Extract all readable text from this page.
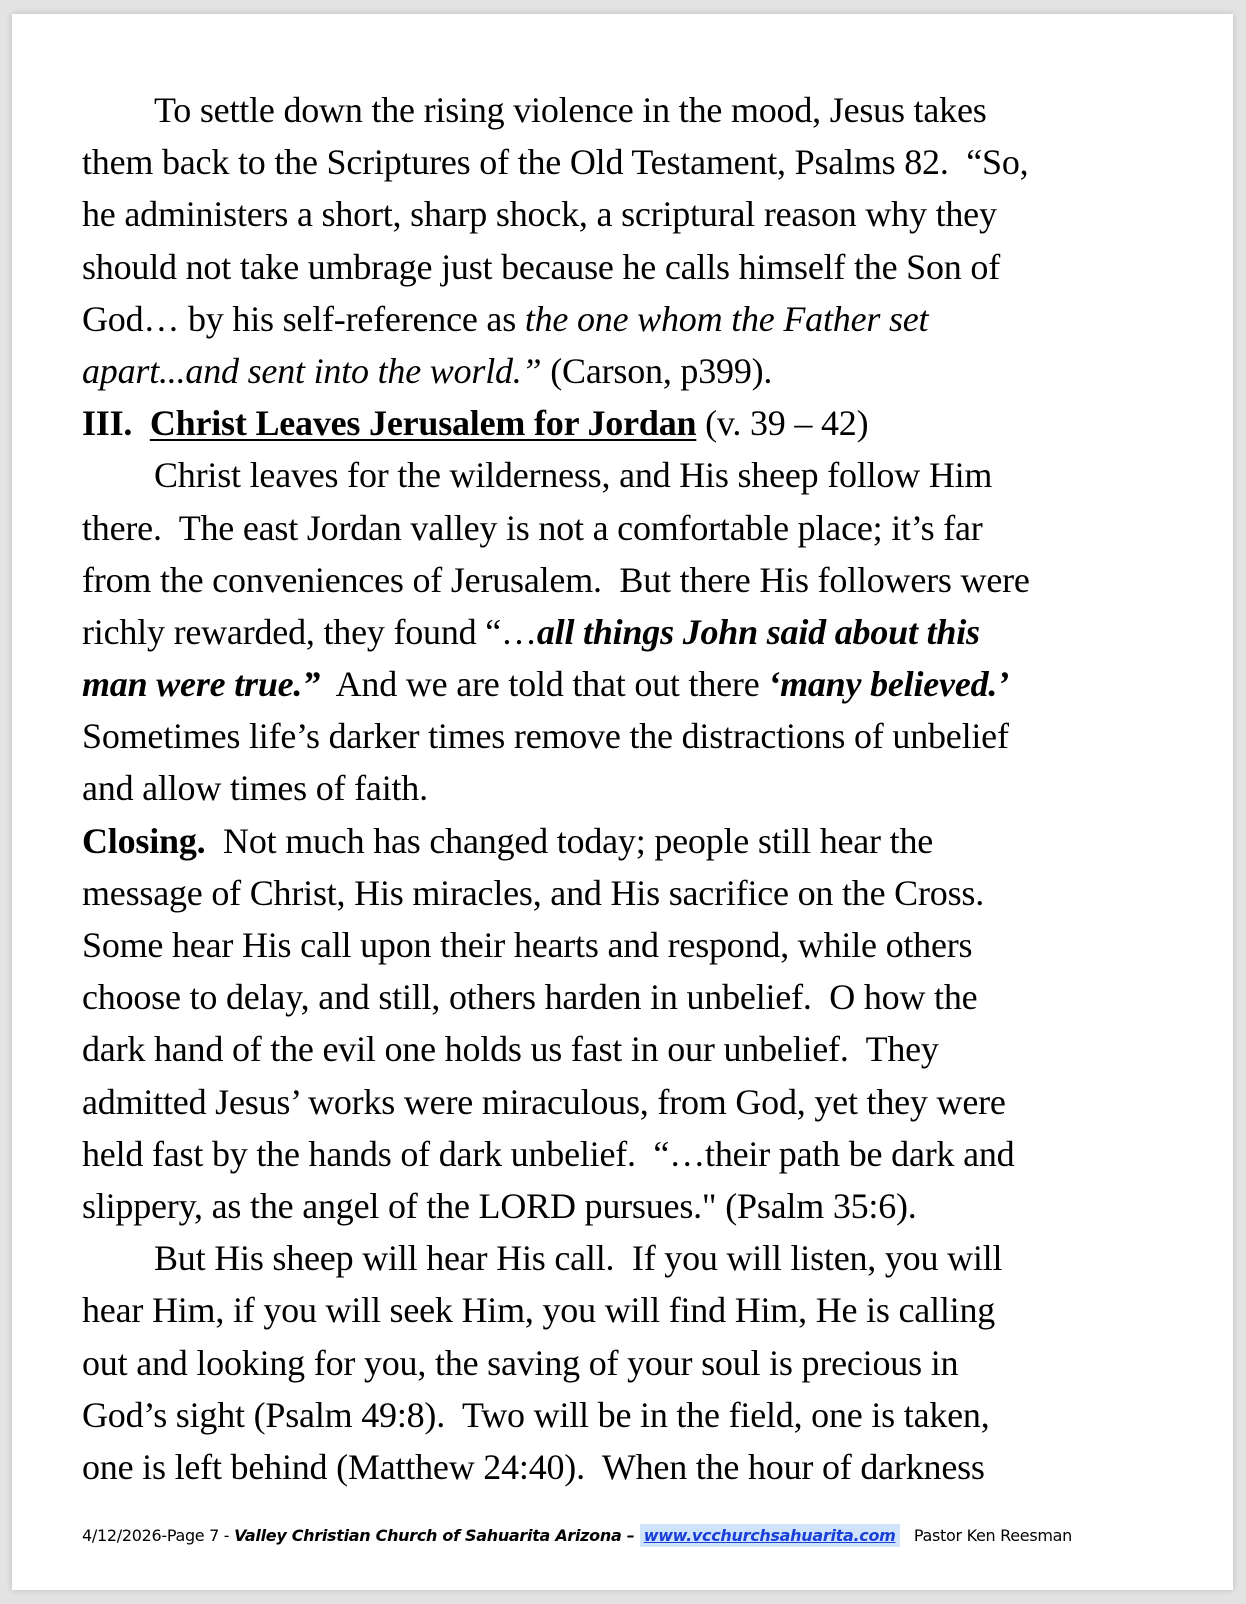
To settle down the rising violence in the mood, Jesus takes
them back to the Scriptures of the Old Testament, Psalms 82.  “So,
he administers a short, sharp shock, a scriptural reason why they
should not take umbrage just because he calls himself the Son of
God… by his self-reference as the one whom the Father set
apart...and sent into the world.” (Carson, p399).
III.  Christ Leaves Jerusalem for Jordan (v. 39 – 42)
Christ leaves for the wilderness, and His sheep follow Him
there.  The east Jordan valley is not a comfortable place; it’s far
from the conveniences of Jerusalem.  But there His followers were
richly rewarded, they found “…all things John said about this
man were true.”  And we are told that out there ‘many believed.’
Sometimes life’s darker times remove the distractions of unbelief
and allow times of faith.
Closing.  Not much has changed today; people still hear the
message of Christ, His miracles, and His sacrifice on the Cross.
Some hear His call upon their hearts and respond, while others
choose to delay, and still, others harden in unbelief.  O how the
dark hand of the evil one holds us fast in our unbelief.  They
admitted Jesus’ works were miraculous, from God, yet they were
held fast by the hands of dark unbelief.  “…their path be dark and
slippery, as the angel of the LORD pursues." (Psalm 35:6).
But His sheep will hear His call.  If you will listen, you will
hear Him, if you will seek Him, you will find Him, He is calling
out and looking for you, the saving of your soul is precious in
God’s sight (Psalm 49:8).  Two will be in the field, one is taken,
one is left behind (Matthew 24:40).  When the hour of darkness
4/12/2026-Page 7 - Valley Christian Church of Sahuarita Arizona – www.vcchurchsahuarita.com   Pastor Ken Reesman
